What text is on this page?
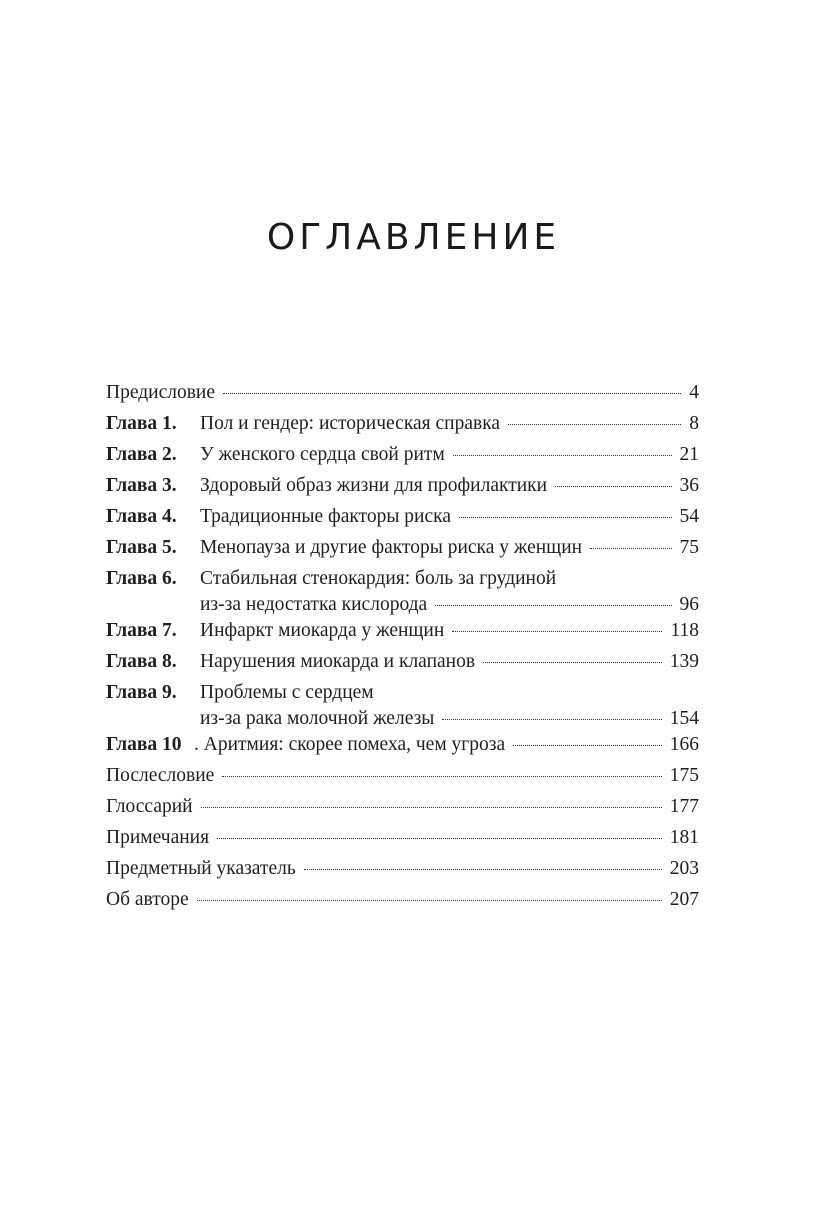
ОГЛАВЛЕНИЕ
Предисловие	4
Глава 1. Пол и гендер: историческая справка	8
Глава 2. У женского сердца свой ритм	21
Глава 3. Здоровый образ жизни для профилактики	36
Глава 4. Традиционные факторы риска	54
Глава 5. Менопауза и другие факторы риска у женщин	75
Глава 6. Стабильная стенокардия: боль за грудиной
из-за недостатка кислорода	96
Глава 7. Инфаркт миокарда у женщин	118
Глава 8. Нарушения миокарда и клапанов	139
Глава 9. Проблемы с сердцем
из-за рака молочной железы	154
Глава 10 . Аритмия: скорее помеха, чем угроза	166
Послесловие	175
Глоссарий	177
Примечания	181
Предметный указатель	203
Об авторе	207
